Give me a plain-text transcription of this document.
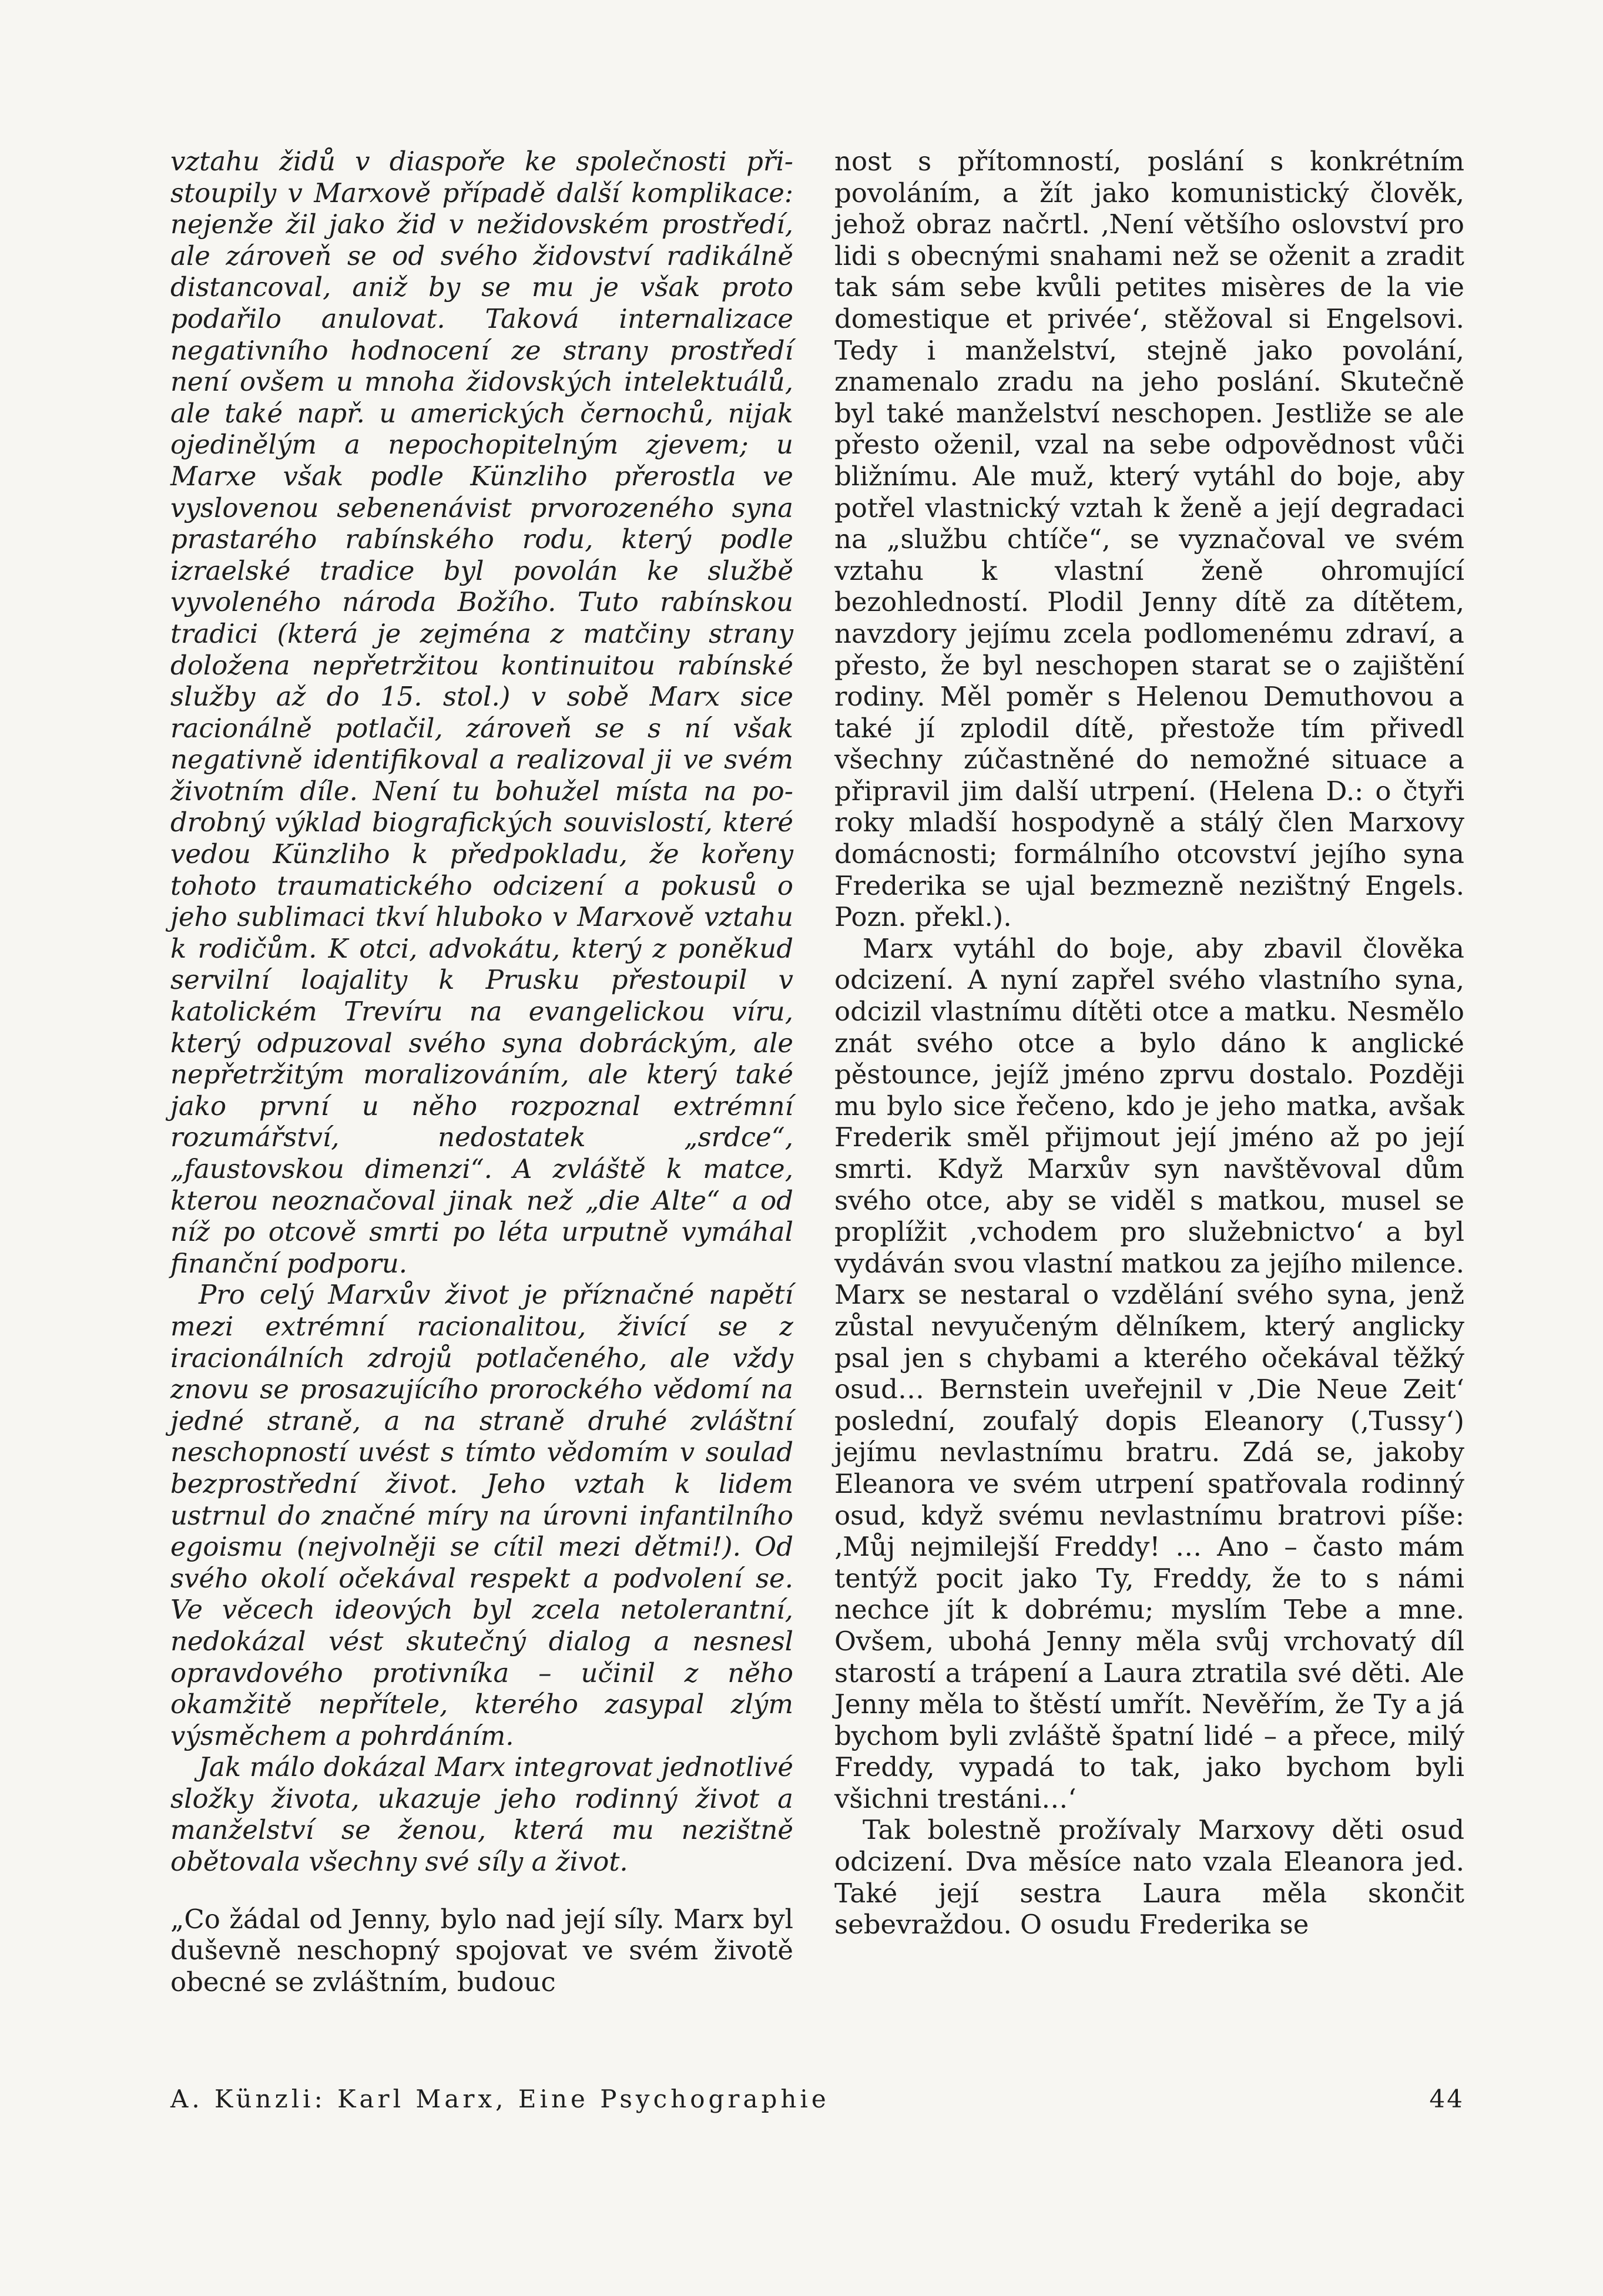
vztahu židů v diaspoře ke společnosti přistoupily v Marxově případě další komplikace: nejenže žil jako žid v nežidovském prostředí, ale zároveň se od svého židovství radikálně distancoval, aniž by se mu je však proto podařilo anulovat. Taková internalizace negativního hodnocení ze strany prostředí není ovšem u mnoha židovských intelektuálů, ale také např. u amerických černochů, nijak ojedinělým a nepochopitelným zjevem; u Marxe však podle Künzliho přerostla ve vyslovenou sebenenávist prvorozeného syna prastarého rabínského rodu, který podle izraelské tradice byl povolán ke službě vyvoleného národa Božího. Tuto rabínskou tradici (která je zejména z matčiny strany doložena nepřetržitou kontinuitou rabínské služby až do 15. stol.) v sobě Marx sice racionálně potlačil, zároveň se s ní však negativně identifikoval a realizoval ji ve svém životním díle. Není tu bohužel místa na podrobný výklad biografických souvislostí, které vedou Künzliho k předpokladu, že kořeny tohoto traumatického odcizení a pokusů o jeho sublimaci tkví hluboko v Marxově vztahu k rodičům. K otci, advokátu, který z poněkud servilní loajality k Prusku přestoupil v katolickém Trevíru na evangelickou víru, který odpuzoval svého syna dobráckým, ale nepřetržitým moralizováním, ale který také jako první u něho rozpoznal extrémní rozumářství, nedostatek „srdce“, „faustovskou dimenzi“. A zvláště k matce, kterou neoznačoval jinak než „die Alte“ a od níž po otcově smrti po léta urputně vymáhal finanční podporu.

Pro celý Marxův život je příznačné napětí mezi extrémní racionalitou, živící se z iracionálních zdrojů potlačeného, ale vždy znovu se prosazujícího prorockého vědomí na jedné straně, a na straně druhé zvláštní neschopností uvést s tímto vědomím v soulad bezprostřední život. Jeho vztah k lidem ustrnul do značné míry na úrovni infantilního egoismu (nejvolněji se cítil mezi dětmi!). Od svého okolí očekával respekt a podvolení se. Ve věcech ideových byl zcela netolerantní, nedokázal vést skutečný dialog a nesnesl opravdového protivníka – učinil z něho okamžitě nepřítele, kterého zasypal zlým výsměchem a pohrdáním.

Jak málo dokázal Marx integrovat jednotlivé složky života, ukazuje jeho rodinný život a manželství se ženou, která mu nezištně obětovala všechny své síly a život.

„Co žádal od Jenny, bylo nad její síly. Marx byl duševně neschopný spojovat ve svém životě obecné se zvláštním, budouc

nost s přítomností, poslání s konkrétním povoláním, a žít jako komunistický člověk, jehož obraz načrtl. ‚Není většího oslovství pro lidi s obecnými snahami než se oženit a zradit tak sám sebe kvůli petites misères de la vie domestique et privée‘, stěžoval si Engelsovi. Tedy i manželství, stejně jako povolání, znamenalo zradu na jeho poslání. Skutečně byl také manželství neschopen. Jestliže se ale přesto oženil, vzal na sebe odpovědnost vůči bližnímu. Ale muž, který vytáhl do boje, aby potřel vlastnický vztah k ženě a její degradaci na „službu chtíče“, se vyznačoval ve svém vztahu k vlastní ženě ohromující bezohledností. Plodil Jenny dítě za dítětem, navzdory jejímu zcela podlomenému zdraví, a přesto, že byl neschopen starat se o zajištění rodiny. Měl poměr s Helenou Demuthovou a také jí zplodil dítě, přestože tím přivedl všechny zúčastněné do nemožné situace a připravil jim další utrpení. (Helena D.: o čtyři roky mladší hospodyně a stálý člen Marxovy domácnosti; formálního otcovství jejího syna Frederika se ujal bezmezně nezištný Engels. Pozn. překl.).

Marx vytáhl do boje, aby zbavil člověka odcizení. A nyní zapřel svého vlastního syna, odcizil vlastnímu dítěti otce a matku. Nesmělo znát svého otce a bylo dáno k anglické pěstounce, jejíž jméno zprvu dostalo. Později mu bylo sice řečeno, kdo je jeho matka, avšak Frederik směl přijmout její jméno až po její smrti. Když Marxův syn navštěvoval dům svého otce, aby se viděl s matkou, musel se proplížit ‚vchodem pro služebnictvo‘ a byl vydáván svou vlastní matkou za jejího milence. Marx se nestaral o vzdělání svého syna, jenž zůstal nevyučeným dělníkem, který anglicky psal jen s chybami a kterého očekával těžký osud… Bernstein uveřejnil v ‚Die Neue Zeit‘ poslední, zoufalý dopis Eleanory (‚Tussy‘) jejímu nevlastnímu bratru. Zdá se, jakoby Eleanora ve svém utrpení spatřovala rodinný osud, když svému nevlastnímu bratrovi píše: ‚Můj nejmilejší Freddy! … Ano – často mám tentýž pocit jako Ty, Freddy, že to s námi nechce jít k dobrému; myslím Tebe a mne. Ovšem, ubohá Jenny měla svůj vrchovatý díl starostí a trápení a Laura ztratila své děti. Ale Jenny měla to štěstí umřít. Nevěřím, že Ty a já bychom byli zvláště špatní lidé – a přece, milý Freddy, vypadá to tak, jako bychom byli všichni trestáni…‘

Tak bolestně prožívaly Marxovy děti osud odcizení. Dva měsíce nato vzala Eleanora jed. Také její sestra Laura měla skončit sebevraždou. O osudu Frederika se

A. Künzli: Karl Marx, Eine Psychographie	44
